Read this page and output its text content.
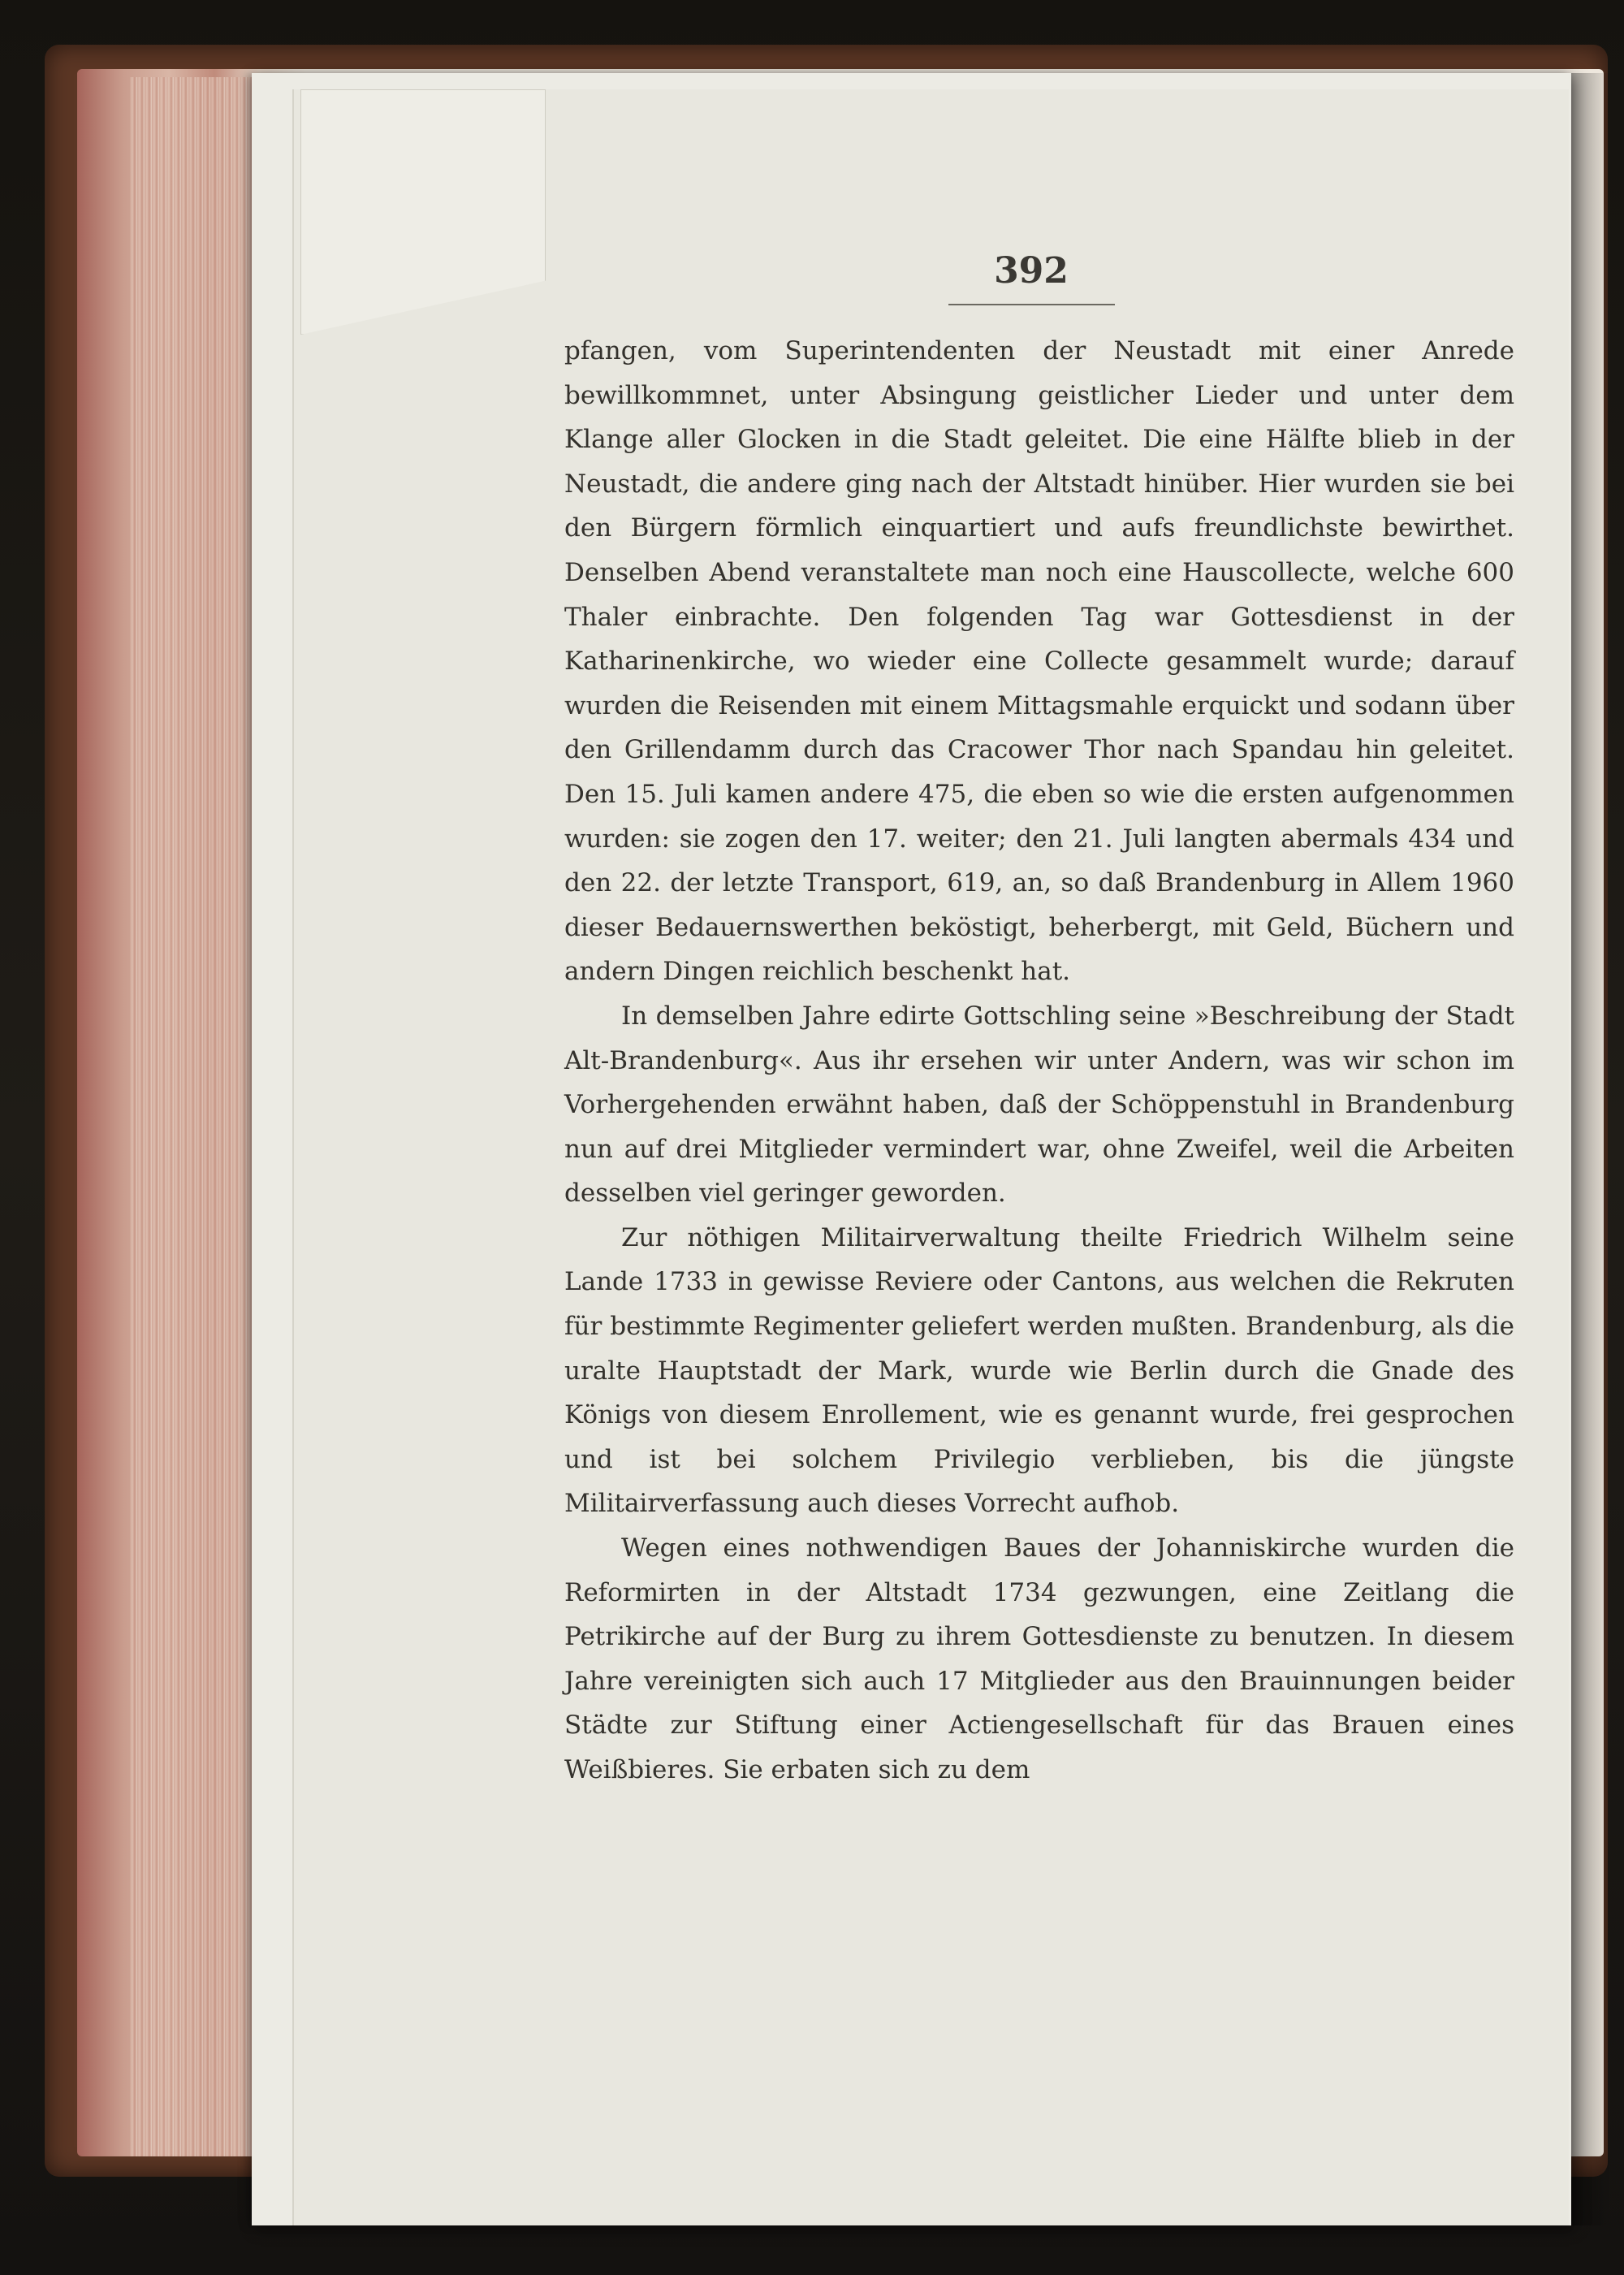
392

pfangen, vom Superintendenten der Neustadt mit einer Anrede bewillkommnet, unter Absingung geistlicher Lieder und unter dem Klange aller Glocken in die Stadt geleitet. Die eine Hälfte blieb in der Neustadt, die andere ging nach der Altstadt hinüber. Hier wurden sie bei den Bürgern förmlich einquartiert und aufs freundlichste bewirthet. Denselben Abend veranstaltete man noch eine Hauscollecte, welche 600 Thaler einbrachte. Den folgenden Tag war Gottesdienst in der Katharinenkirche, wo wieder eine Collecte gesammelt wurde; darauf wurden die Reisenden mit einem Mittagsmahle erquickt und sodann über den Grillendamm durch das Cracower Thor nach Spandau hin geleitet. Den 15. Juli kamen andere 475, die eben so wie die ersten aufgenommen wurden: sie zogen den 17. weiter; den 21. Juli langten abermals 434 und den 22. der letzte Transport, 619, an, so daß Brandenburg in Allem 1960 dieser Bedauernswerthen beköstigt, beherbergt, mit Geld, Büchern und andern Dingen reichlich beschenkt hat.

In demselben Jahre edirte Gottschling seine »Beschreibung der Stadt Alt-Brandenburg«. Aus ihr ersehen wir unter Andern, was wir schon im Vorhergehenden erwähnt haben, daß der Schöppenstuhl in Brandenburg nun auf drei Mitglieder vermindert war, ohne Zweifel, weil die Arbeiten desselben viel geringer geworden.

Zur nöthigen Militairverwaltung theilte Friedrich Wilhelm seine Lande 1733 in gewisse Reviere oder Cantons, aus welchen die Rekruten für bestimmte Regimenter geliefert werden mußten. Brandenburg, als die uralte Hauptstadt der Mark, wurde wie Berlin durch die Gnade des Königs von diesem Enrollement, wie es genannt wurde, frei gesprochen und ist bei solchem Privilegio verblieben, bis die jüngste Militairverfassung auch dieses Vorrecht aufhob.

Wegen eines nothwendigen Baues der Johanniskirche wurden die Reformirten in der Altstadt 1734 gezwungen, eine Zeitlang die Petrikirche auf der Burg zu ihrem Gottesdienste zu benutzen. In diesem Jahre vereinigten sich auch 17 Mitglieder aus den Brauinnungen beider Städte zur Stiftung einer Actiengesellschaft für das Brauen eines Weißbieres. Sie erbaten sich zu dem
